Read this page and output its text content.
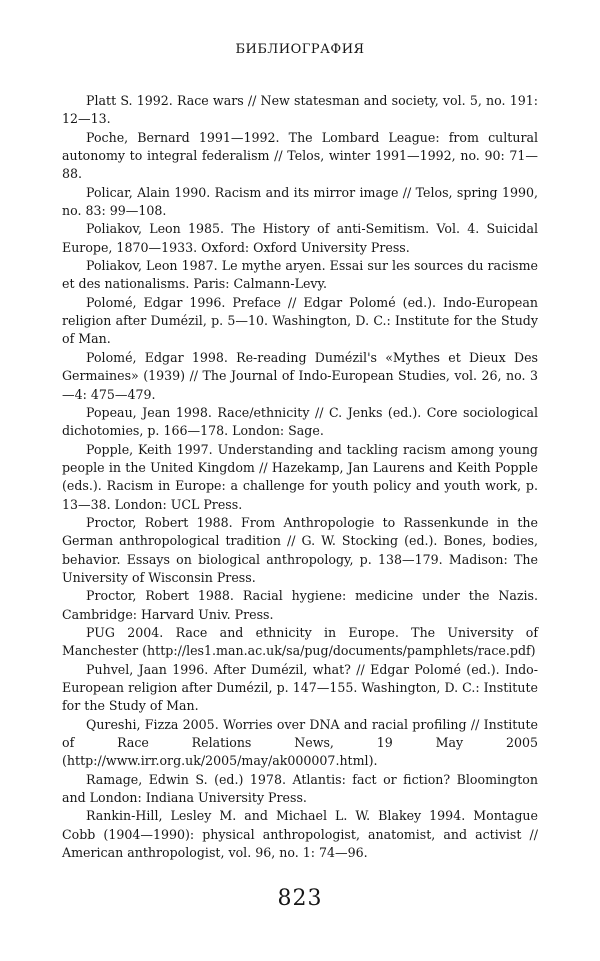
БИБЛИОГРАФИЯ

Platt S. 1992. Race wars // New statesman and society, vol. 5, no. 191: 12—13.

Poche, Bernard 1991—1992. The Lombard League: from cultural autonomy to integral federalism // Telos, winter 1991—1992, no. 90: 71—88.

Policar, Alain 1990. Racism and its mirror image // Telos, spring 1990, no. 83: 99—108.

Poliakov, Leon 1985. The History of anti-Semitism. Vol. 4. Suicidal Europe, 1870—1933. Oxford: Oxford University Press.

Poliakov, Leon 1987. Le mythe aryen. Essai sur les sources du racisme et des nationalisms. Paris: Calmann-Levy.

Polomé, Edgar 1996. Preface // Edgar Polomé (ed.). Indo-European religion after Dumézil, p. 5—10. Washington, D. C.: Institute for the Study of Man.

Polomé, Edgar 1998. Re-reading Dumézil's «Mythes et Dieux Des Germaines» (1939) // The Journal of Indo-European Studies, vol. 26, no. 3—4: 475—479.

Popeau, Jean 1998. Race/ethnicity // C. Jenks (ed.). Core sociological dichotomies, p. 166—178. London: Sage.

Popple, Keith 1997. Understanding and tackling racism among young people in the United Kingdom // Hazekamp, Jan Laurens and Keith Popple (eds.). Racism in Europe: a challenge for youth policy and youth work, p. 13—38. London: UCL Press.

Proctor, Robert 1988. From Anthropologie to Rassenkunde in the German anthropological tradition // G. W. Stocking (ed.). Bones, bodies, behavior. Essays on biological anthropology, p. 138—179. Madison: The University of Wisconsin Press.

Proctor, Robert 1988. Racial hygiene: medicine under the Nazis. Cambridge: Harvard Univ. Press.

PUG 2004. Race and ethnicity in Europe. The University of Manchester (http://les1.man.ac.uk/sa/pug/documents/pamphlets/race.pdf)

Puhvel, Jaan 1996. After Dumézil, what? // Edgar Polomé (ed.). Indo-European religion after Dumézil, p. 147—155. Washington, D. C.: Institute for the Study of Man.

Qureshi, Fizza 2005. Worries over DNA and racial profiling // Institute of Race Relations News, 19 May 2005 (http://www.irr.org.uk/2005/may/ak000007.html).

Ramage, Edwin S. (ed.) 1978. Atlantis: fact or fiction? Bloomington and London: Indiana University Press.

Rankin-Hill, Lesley M. and Michael L. W. Blakey 1994. Montague Cobb (1904—1990): physical anthropologist, anatomist, and activist // American anthropologist, vol. 96, no. 1: 74—96.

823
